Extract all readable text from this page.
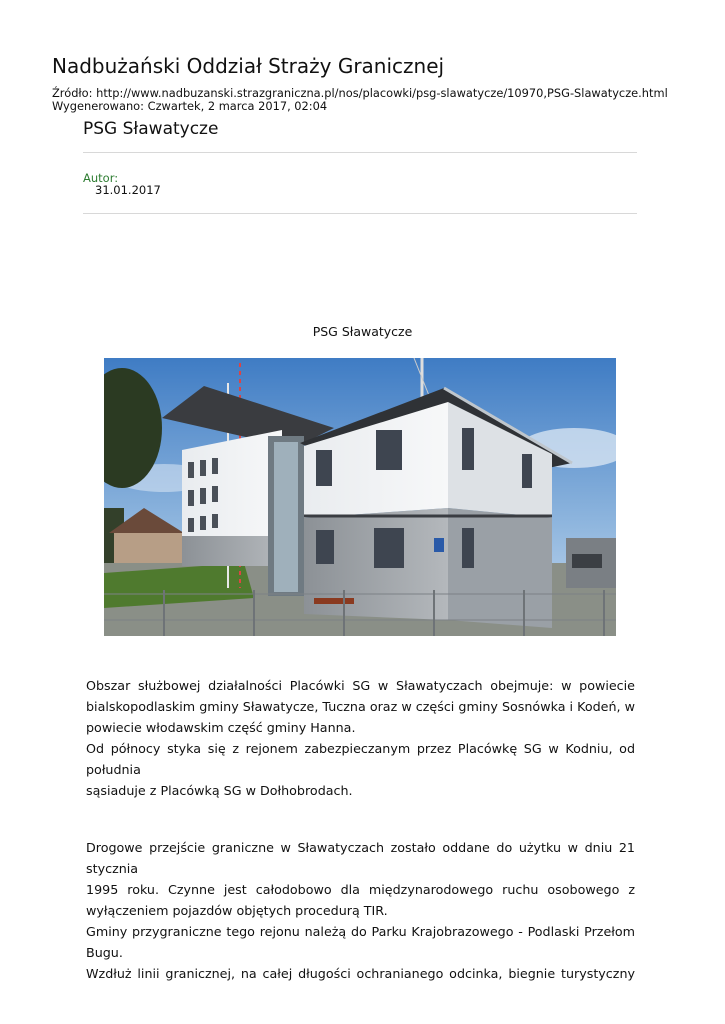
Nadbużański Oddział Straży Granicznej
Źródło: http://www.nadbuzanski.strazgraniczna.pl/nos/placowki/psg-slawatycze/10970,PSG-Slawatycze.html
Wygenerowano: Czwartek, 2 marca 2017, 02:04
PSG Sławatycze
Autor:
31.01.2017
PSG Sławatycze
Obszar służbowej działalności Placówki SG w Sławatyczach obejmuje: w powiecie
bialskopodlaskim gminy Sławatycze, Tuczna oraz w części gminy Sosnówka i Kodeń, w
powiecie włodawskim część gminy Hanna.
Od północy styka się z rejonem zabezpieczanym przez Placówkę SG w Kodniu, od południa
sąsiaduje z Placówką SG w Dołhobrodach.
Drogowe przejście graniczne w Sławatyczach zostało oddane do użytku w dniu 21 stycznia
1995 roku. Czynne jest całodobowo dla międzynarodowego ruchu osobowego z
wyłączeniem pojazdów objętych procedurą TIR.
Gminy przygraniczne tego rejonu należą do Parku Krajobrazowego - Podlaski Przełom Bugu.
Wzdłuż linii granicznej, na całej długości ochranianego odcinka, biegnie turystyczny
